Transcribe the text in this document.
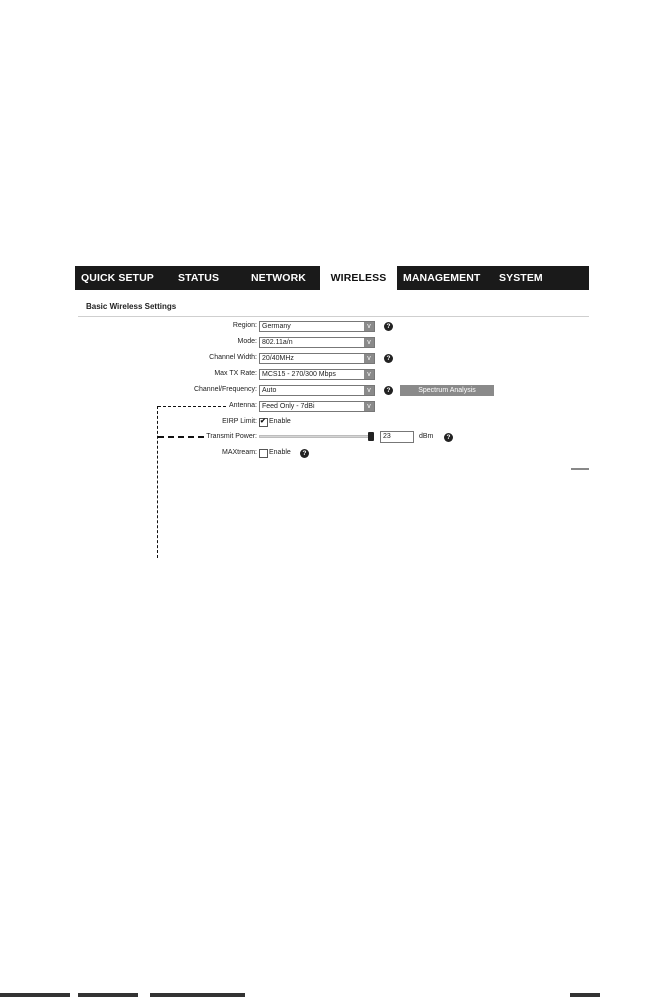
QUICK SETUP STATUS	NETWORK	WIRELESS	MANAGEMENT SYSTEM
Basic Wireless Settings
Region: Germany	v	?
Mode: 802.11a/n	v
Channel Width: 20/40MHz	v	?
Max TX Rate: MCS15 - 270/300 Mbps	v
Channel/Frequency: Auto	v	?	Spectrum Analysis
Antenna: Feed Only - 7dBi	v
EIRP Limit: ✔ Enable
Transmit Power:	23	dBm	?
MAXtream: Enable	?
